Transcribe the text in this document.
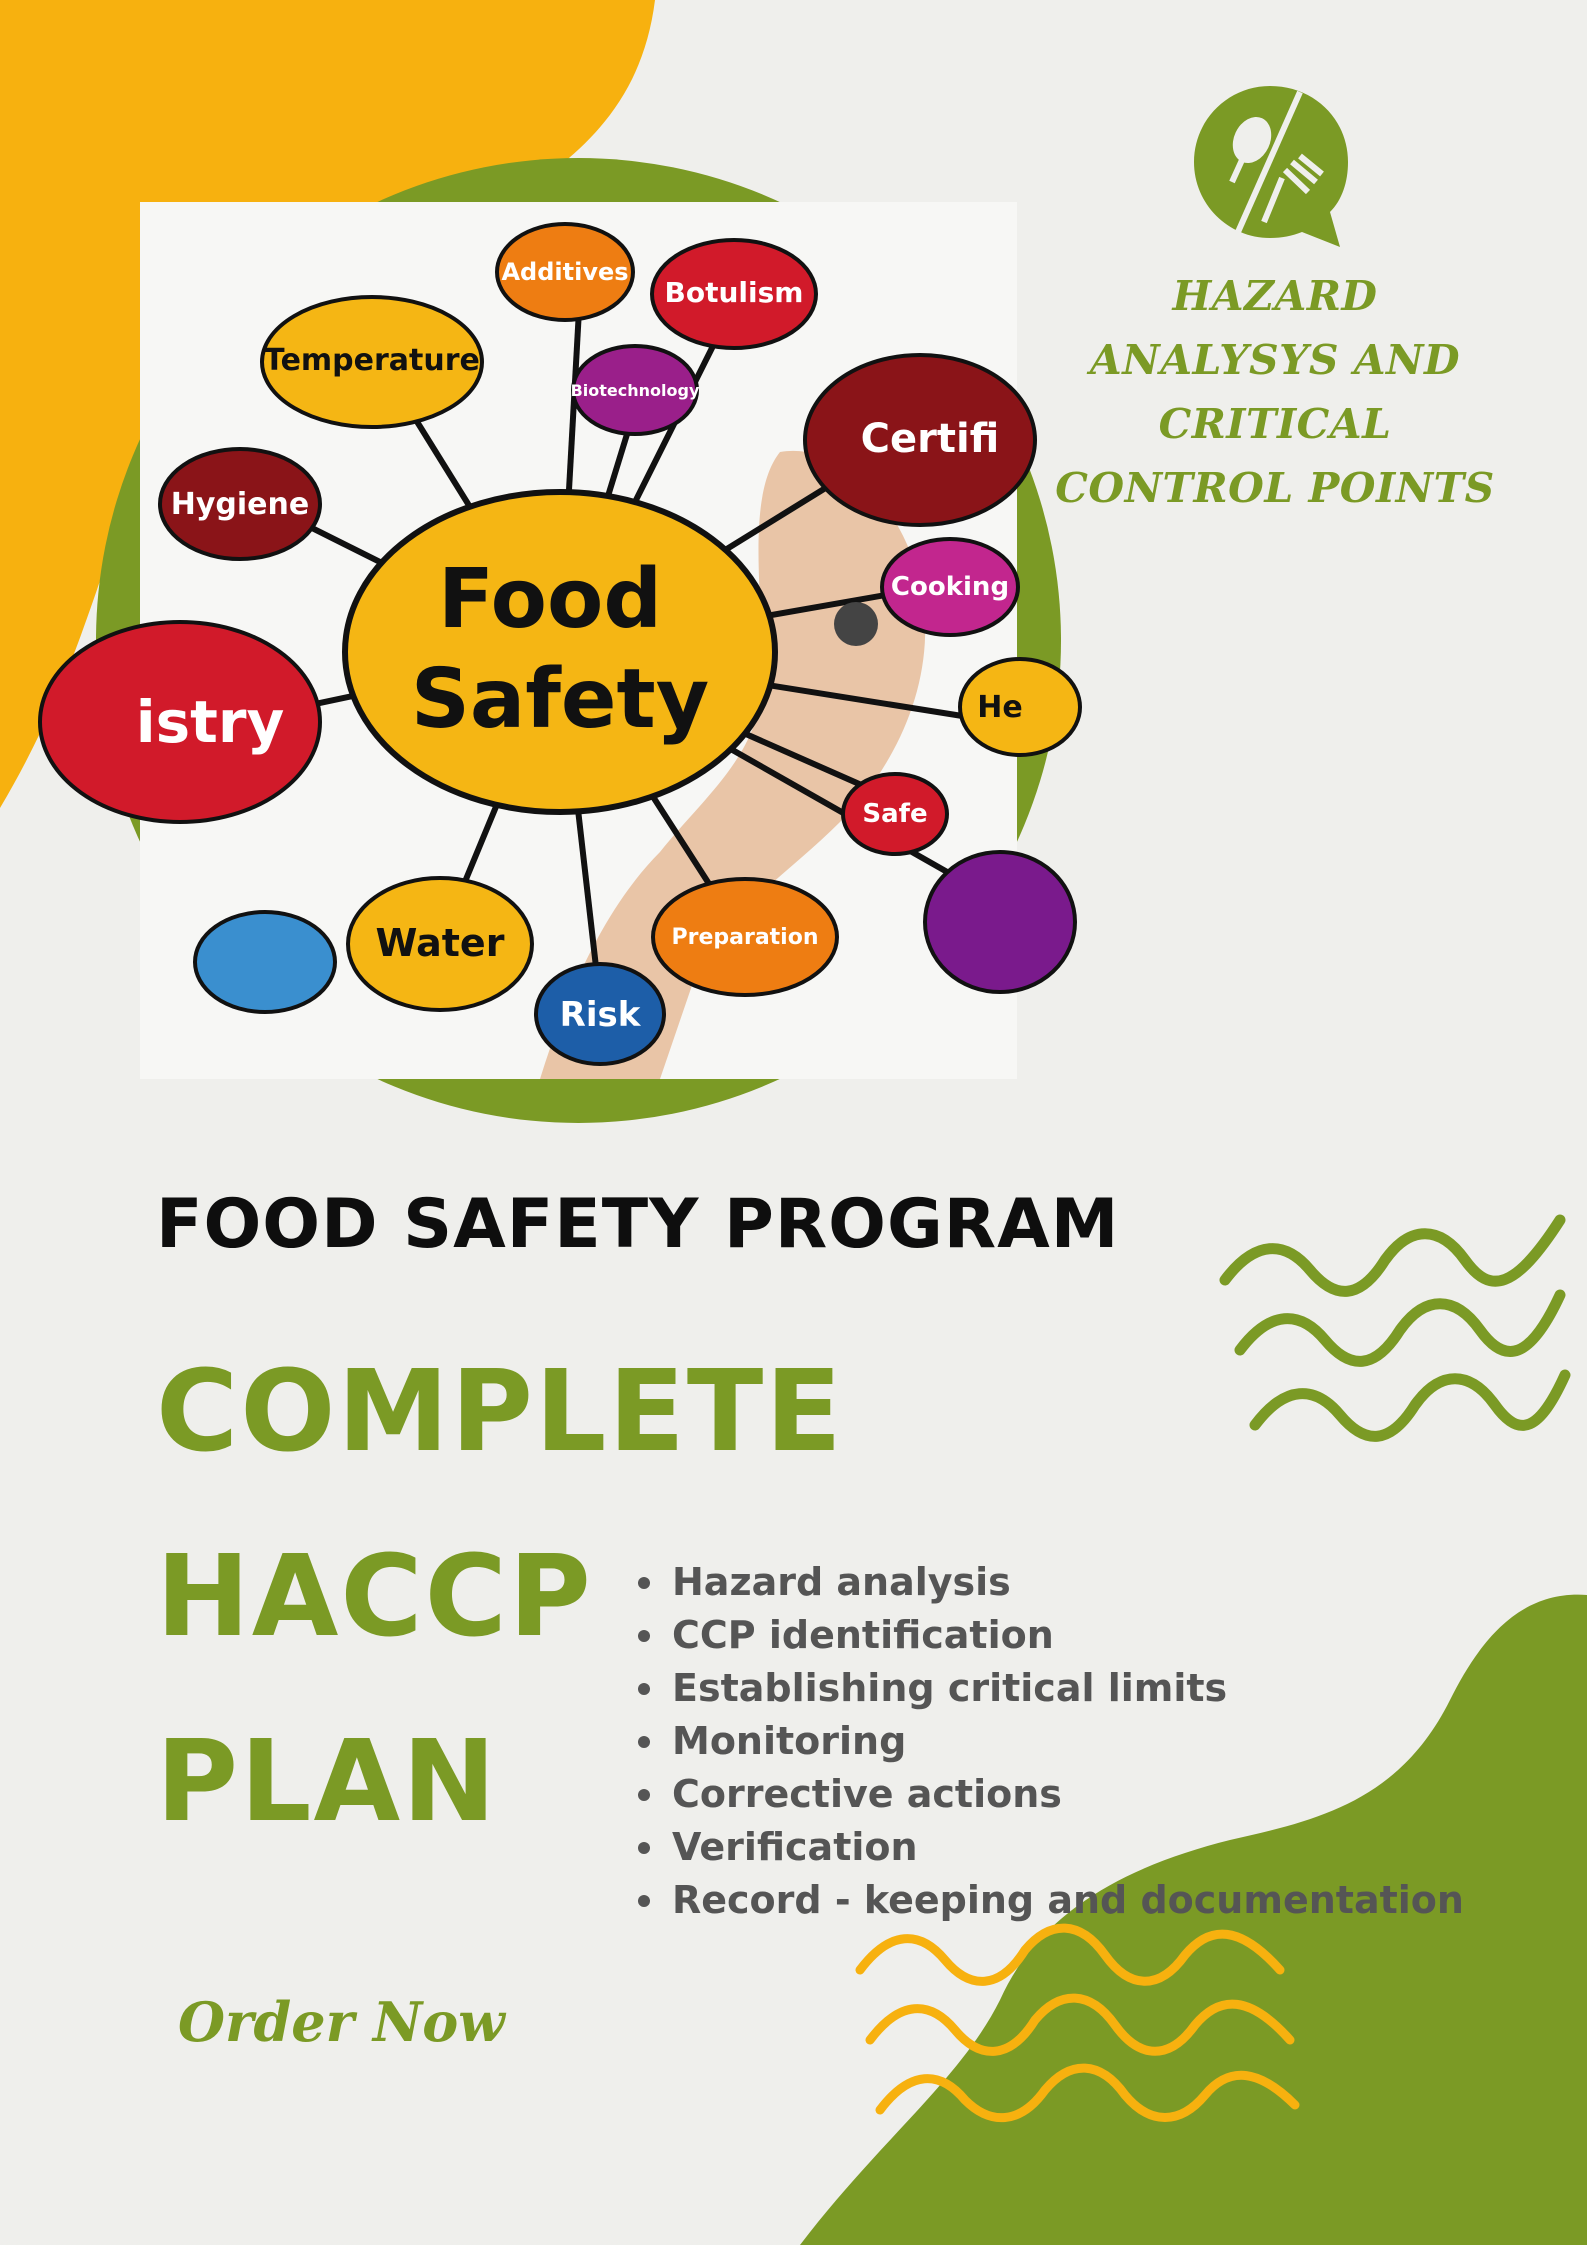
Temperature
Additives
Botulism
Biotechnology
Certifi
Hygiene
Cooking
istry	He
Safe
Water
Risk
Preparation
Food
Safety
HAZARD ANALYSYS AND CRITICAL CONTROL POINTS
FOOD SAFETY PROGRAM
COMPLETE HACCP
PLAN
Hazard analysis
CCP identification
Establishing critical limits
Monitoring
Corrective actions
Verification
Record - keeping and documentation
Order Now
